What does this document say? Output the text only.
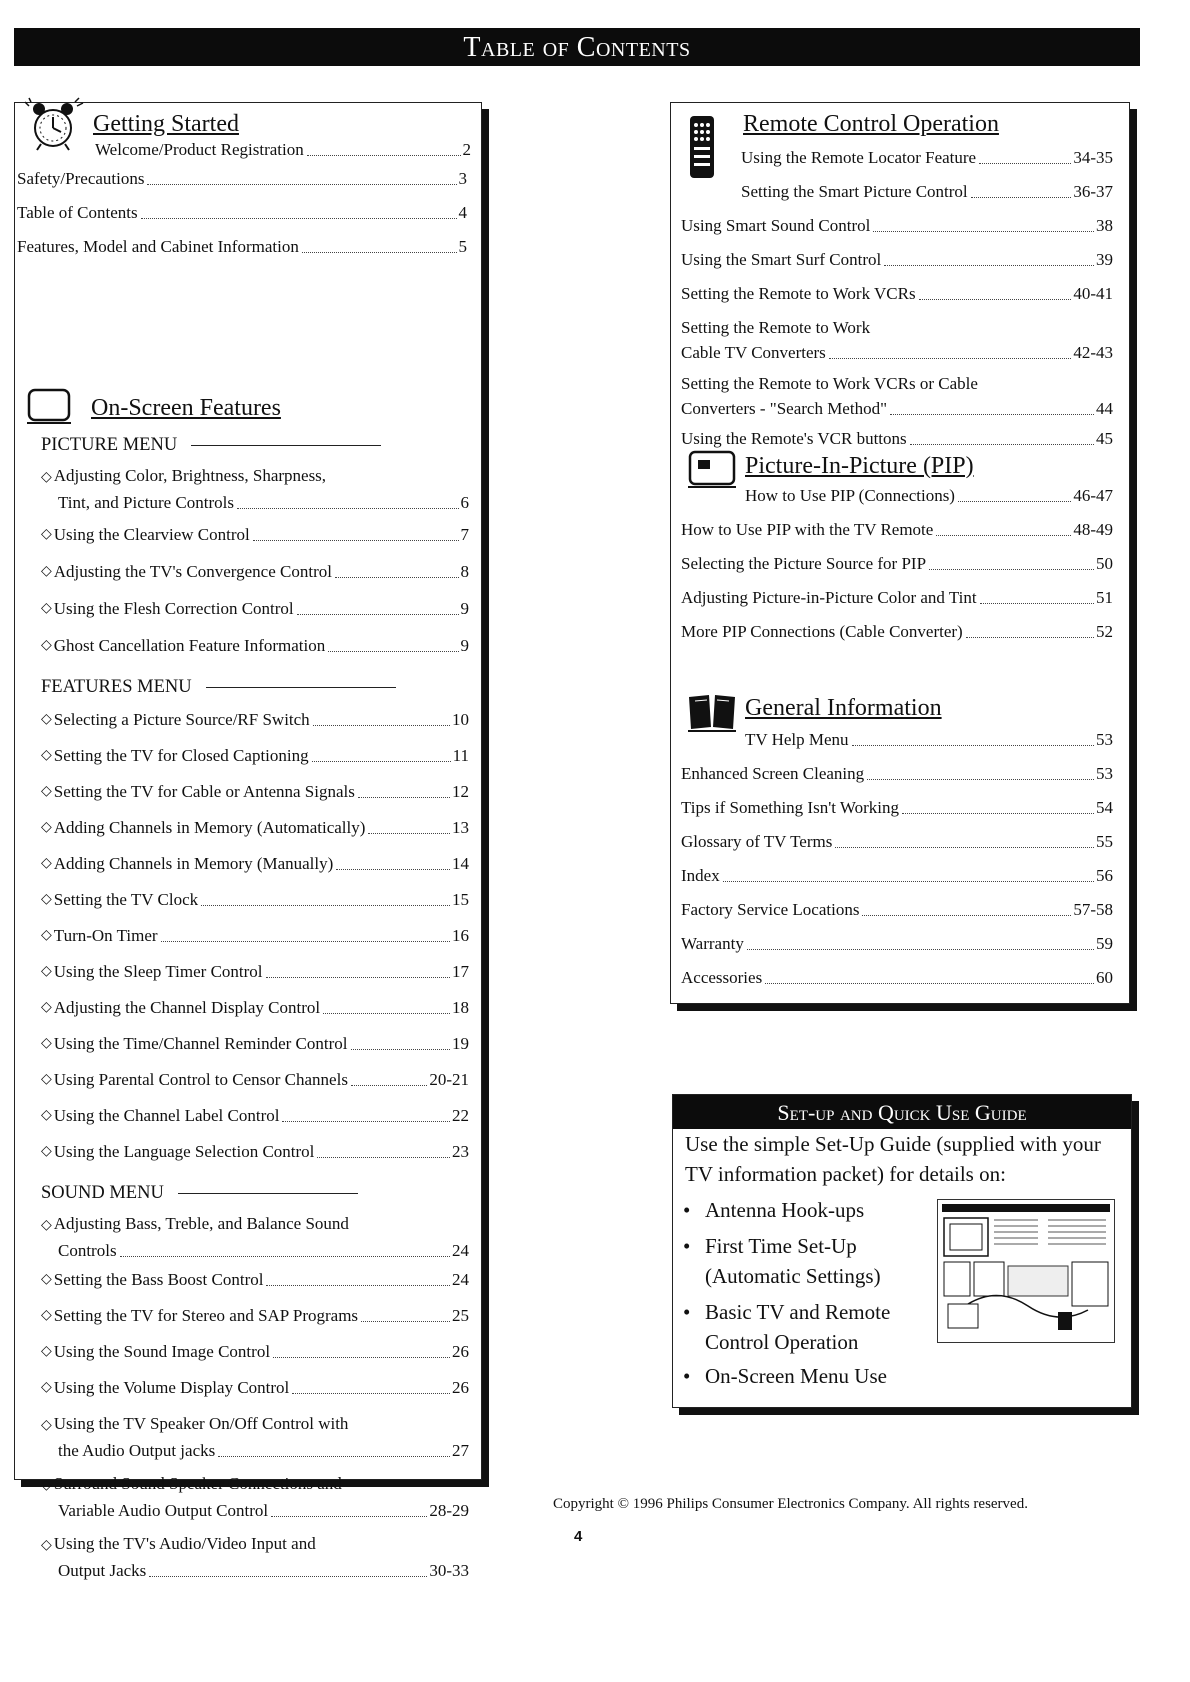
Table of Contents
Getting Started
Welcome/Product Registration	2
Safety/Precautions	3
Table of Contents	4
Features, Model and Cabinet Information	5
On-Screen Features
PICTURE MENU
◇ Adjusting Color, Brightness, Sharpness,
Tint, and Picture Controls	6
◇ Using the Clearview Control	7
◇ Adjusting the TV's Convergence Control	8
◇ Using the Flesh Correction Control	9
◇ Ghost Cancellation Feature Information	9
FEATURES MENU
◇ Selecting a Picture Source/RF Switch	10
◇ Setting the TV for Closed Captioning	11
◇ Setting the TV for Cable or Antenna Signals	12
◇ Adding Channels in Memory (Automatically)	13
◇ Adding Channels in Memory (Manually)	14
◇ Setting the TV Clock	15
◇ Turn-On Timer	16
◇ Using the Sleep Timer Control	17
◇ Adjusting the Channel Display Control	18
◇ Using the Time/Channel Reminder Control	19
◇ Using Parental Control to Censor Channels	20-21
◇ Using the Channel Label Control	22
◇ Using the Language Selection Control	23
SOUND MENU
◇ Adjusting Bass, Treble, and Balance Sound
Controls	24
◇ Setting the Bass Boost Control	24
◇ Setting the TV for Stereo and SAP Programs	25
◇ Using the Sound Image Control	26
◇ Using the Volume Display Control	26
◇ Using the TV Speaker On/Off Control with
the Audio Output jacks	27
◇ Surround Sound Speaker Connections and
Variable Audio Output Control	28-29
◇ Using the TV's Audio/Video Input and
Output Jacks	30-33
Remote Control Operation
Using the Remote Locator Feature	34-35
Setting the Smart Picture Control	36-37
Using Smart Sound Control	38
Using the Smart Surf Control	39
Setting the Remote to Work VCRs	40-41
Setting the Remote to Work
Cable TV Converters	42-43
Setting the Remote to Work VCRs or Cable
Converters - "Search Method"	44
Using the Remote's VCR buttons	45
Picture-In-Picture (PIP)
How to Use PIP (Connections)	46-47
How to Use PIP with the TV Remote	48-49
Selecting the Picture Source for PIP	50
Adjusting Picture-in-Picture Color and Tint	51
More PIP Connections (Cable Converter)	52
General Information
TV Help Menu	53
Enhanced Screen Cleaning	53
Tips if Something Isn't Working	54
Glossary of TV Terms	55
Index	56
Factory Service Locations	57-58
Warranty	59
Accessories	60
Set-up and Quick Use Guide
Use the simple Set-Up Guide (supplied with your TV information packet) for details on:
• Antenna Hook-ups
• First Time Set-Up
(Automatic Settings)
• Basic TV and Remote
Control Operation
• On-Screen Menu Use
Copyright © 1996 Philips Consumer Electronics Company. All rights reserved.
4
